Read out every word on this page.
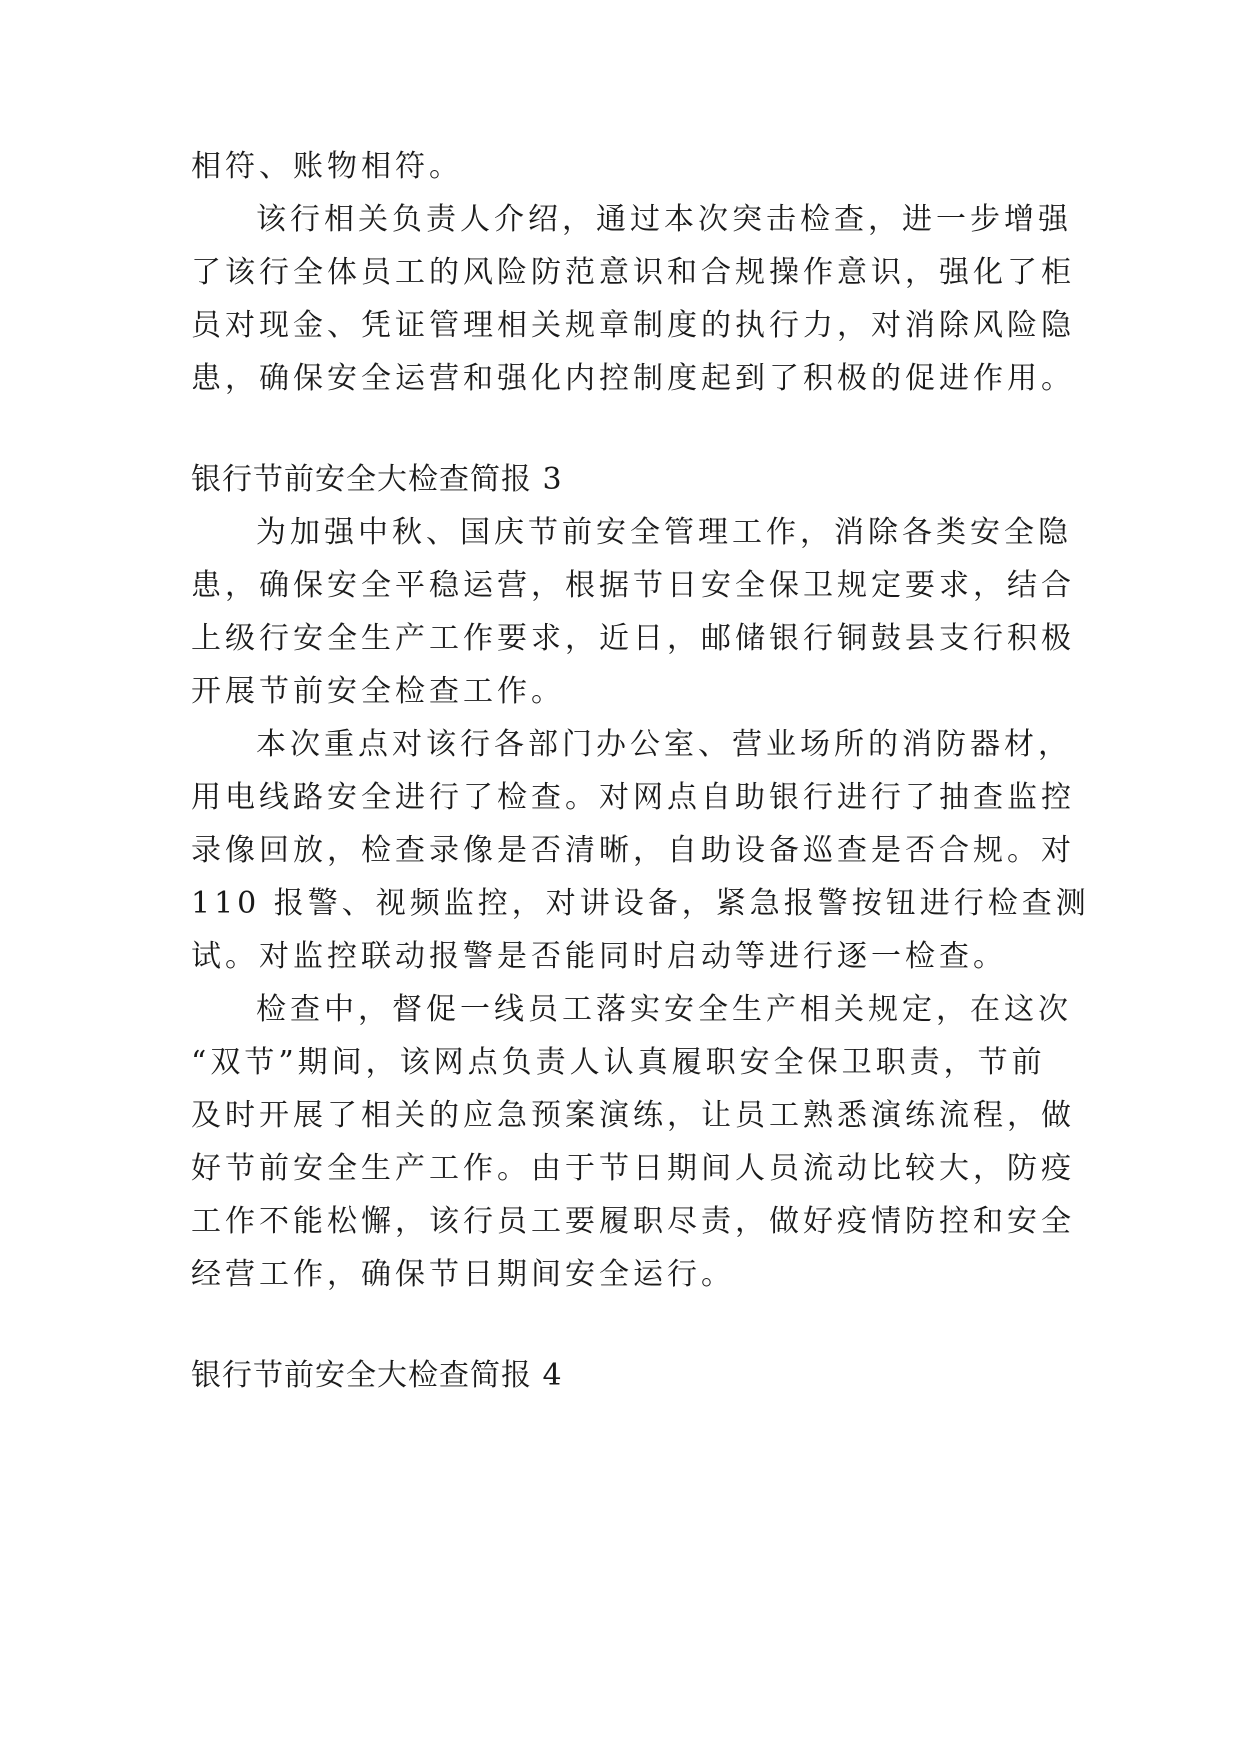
相符、账物相符。
该行相关负责人介绍，通过本次突击检查，进一步增强
了该行全体员工的风险防范意识和合规操作意识，强化了柜
员对现金、凭证管理相关规章制度的执行力，对消除风险隐
患，确保安全运营和强化内控制度起到了积极的促进作用。
银行节前安全大检查简报 3
为加强中秋、国庆节前安全管理工作，消除各类安全隐
患，确保安全平稳运营，根据节日安全保卫规定要求，结合
上级行安全生产工作要求，近日，邮储银行铜鼓县支行积极
开展节前安全检查工作。
本次重点对该行各部门办公室、营业场所的消防器材，
用电线路安全进行了检查。对网点自助银行进行了抽查监控
录像回放，检查录像是否清晰，自助设备巡查是否合规。对
110 报警、视频监控，对讲设备，紧急报警按钮进行检查测
试。对监控联动报警是否能同时启动等进行逐一检查。
检查中，督促一线员工落实安全生产相关规定，在这次
“双节”期间，该网点负责人认真履职安全保卫职责，节前
及时开展了相关的应急预案演练，让员工熟悉演练流程，做
好节前安全生产工作。由于节日期间人员流动比较大，防疫
工作不能松懈，该行员工要履职尽责，做好疫情防控和安全
经营工作，确保节日期间安全运行。
银行节前安全大检查简报 4
